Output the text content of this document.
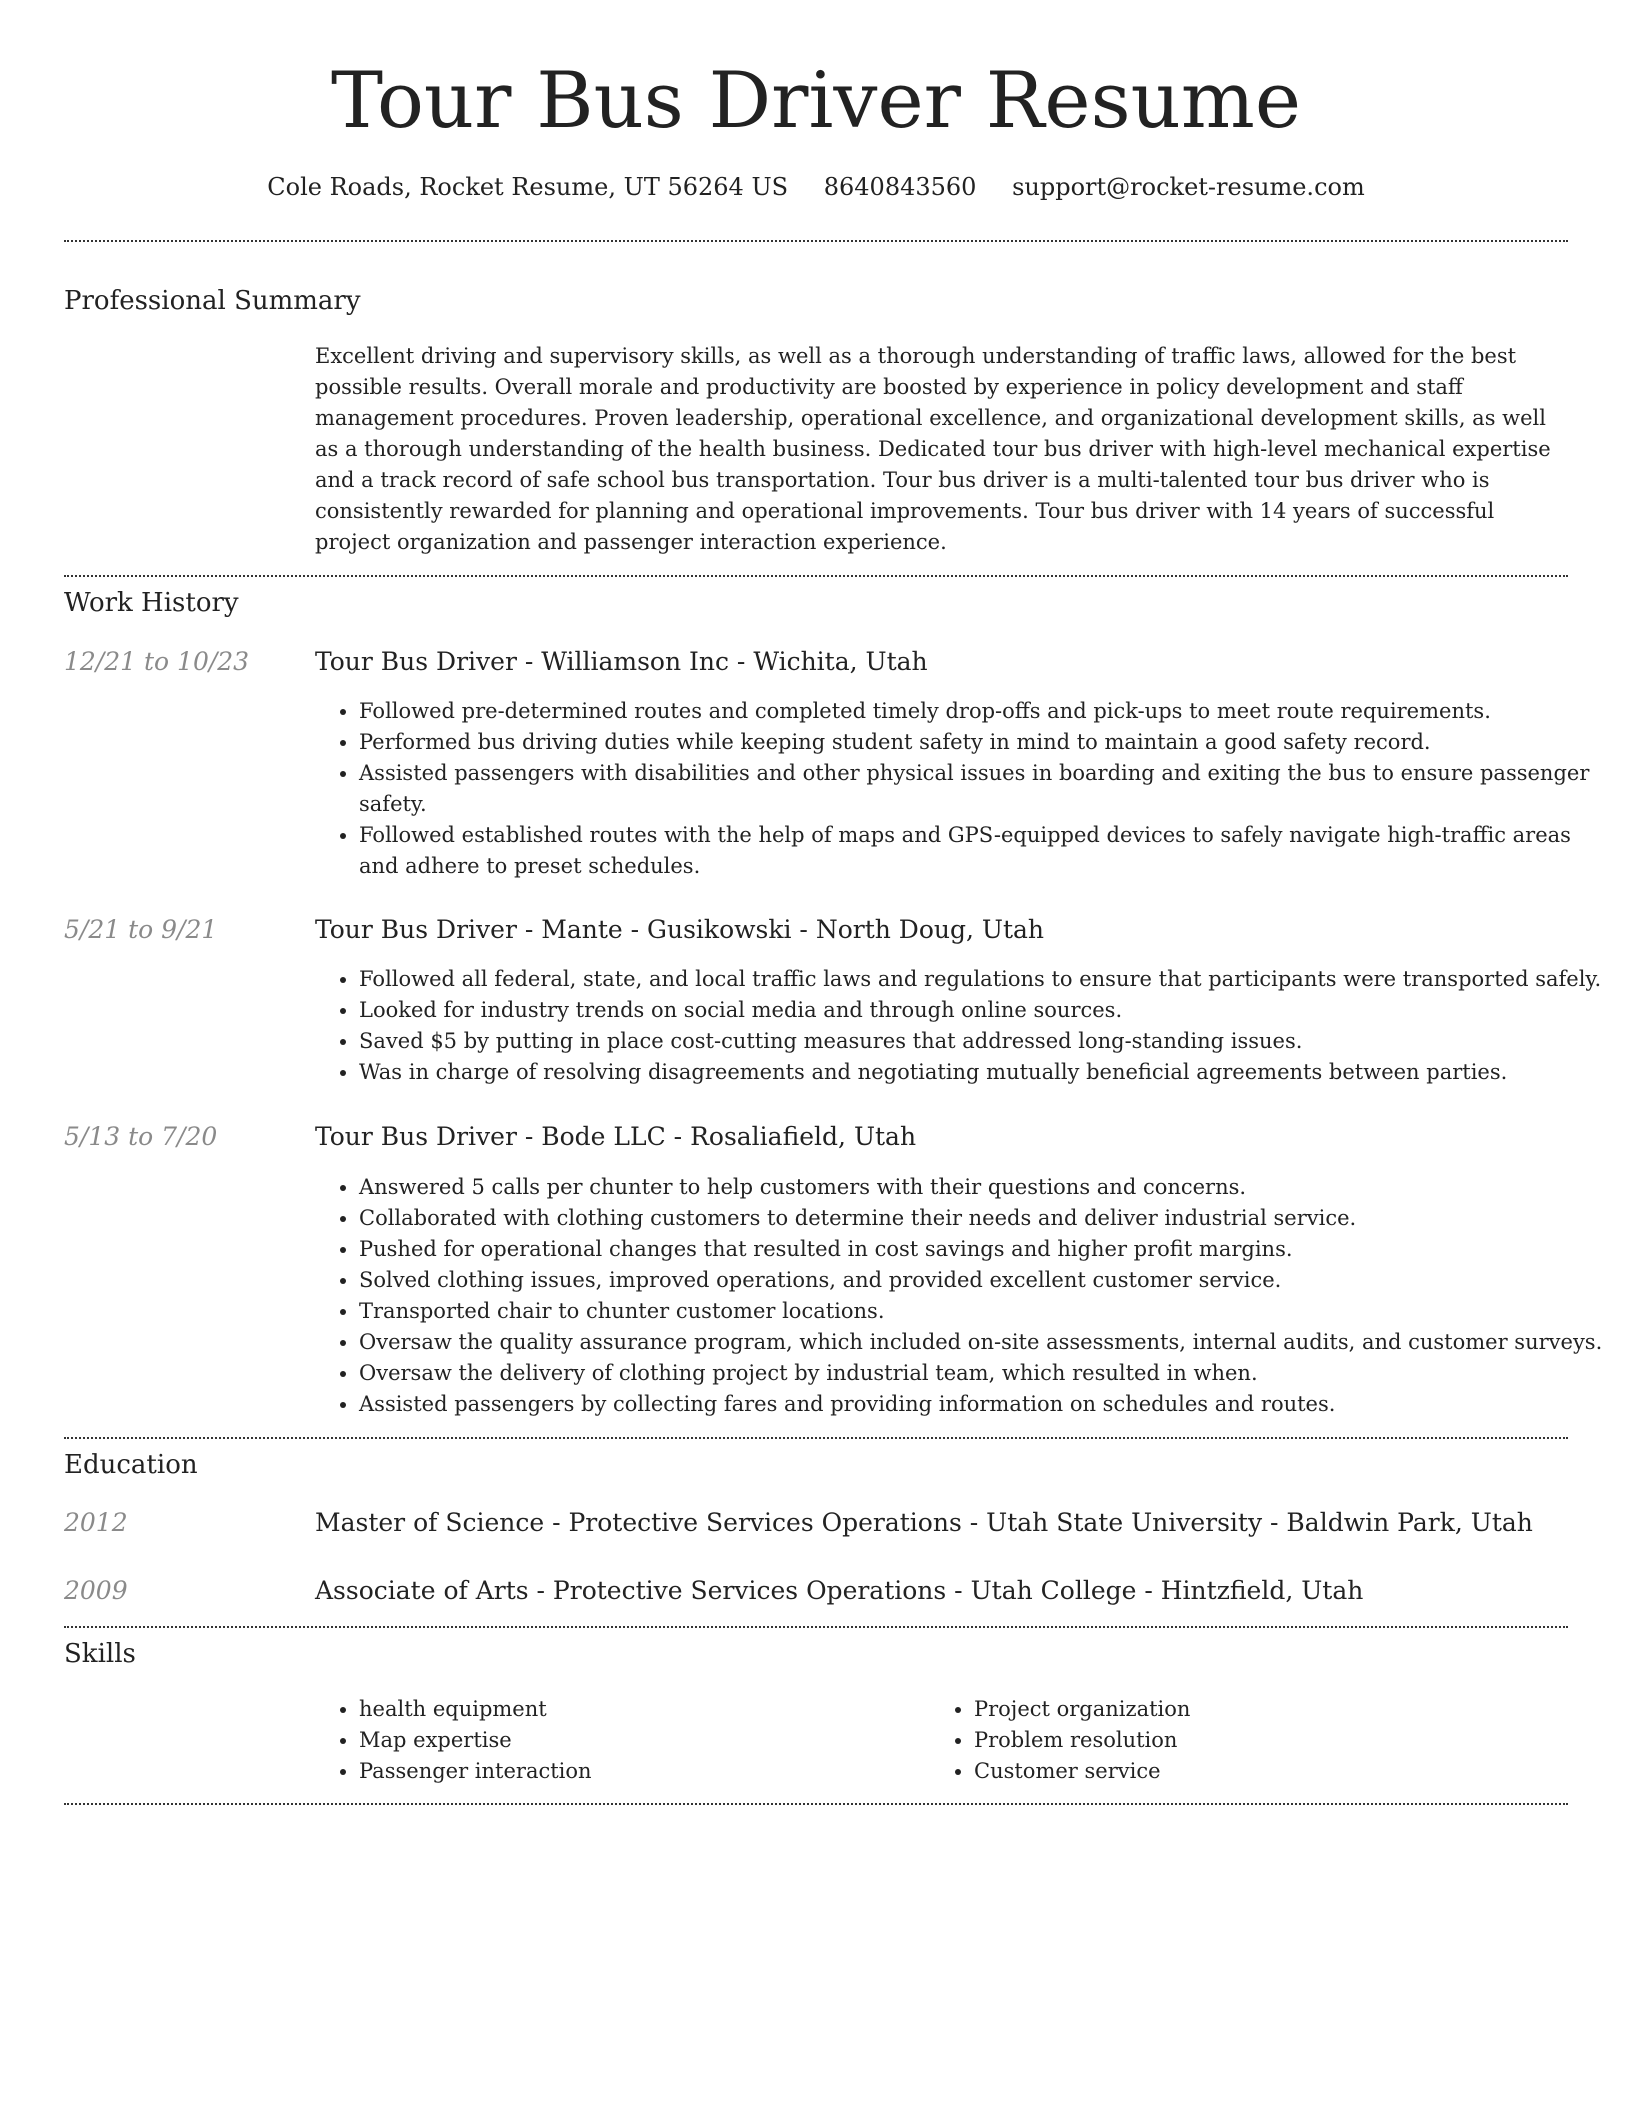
Tour Bus Driver Resume
Cole Roads, Rocket Resume, UT 56264 US 8640843560 support@rocket-resume.com
Professional Summary

Excellent driving and supervisory skills, as well as a thorough understanding of traffic laws, allowed for the best possible results. Overall morale and productivity are boosted by experience in policy development and staff management procedures. Proven leadership, operational excellence, and organizational development skills, as well as a thorough understanding of the health business. Dedicated tour bus driver with high-level mechanical expertise and a track record of safe school bus transportation. Tour bus driver is a multi-talented tour bus driver who is consistently rewarded for planning and operational improvements. Tour bus driver with 14 years of successful project organization and passenger interaction experience.

Work History
12/21 to 10/23	Tour Bus Driver - Williamson Inc - Wichita, Utah
• Followed pre-determined routes and completed timely drop-offs and pick-ups to meet route requirements.
• Performed bus driving duties while keeping student safety in mind to maintain a good safety record.
• Assisted passengers with disabilities and other physical issues in boarding and exiting the bus to ensure passenger safety.
• Followed established routes with the help of maps and GPS-equipped devices to safely navigate high-traffic areas and adhere to preset schedules.
5/21 to 9/21	Tour Bus Driver - Mante - Gusikowski - North Doug, Utah
• Followed all federal, state, and local traffic laws and regulations to ensure that participants were transported safely.
• Looked for industry trends on social media and through online sources.
• Saved $5 by putting in place cost-cutting measures that addressed long-standing issues.
• Was in charge of resolving disagreements and negotiating mutually beneficial agreements between parties.
5/13 to 7/20	Tour Bus Driver - Bode LLC - Rosaliafield, Utah
• Answered 5 calls per chunter to help customers with their questions and concerns.
• Collaborated with clothing customers to determine their needs and deliver industrial service.
• Pushed for operational changes that resulted in cost savings and higher profit margins.
• Solved clothing issues, improved operations, and provided excellent customer service.
• Transported chair to chunter customer locations.
• Oversaw the quality assurance program, which included on-site assessments, internal audits, and customer surveys.
• Oversaw the delivery of clothing project by industrial team, which resulted in when.
• Assisted passengers by collecting fares and providing information on schedules and routes.
Education
2012	Master of Science - Protective Services Operations - Utah State University - Baldwin Park, Utah
2009	Associate of Arts - Protective Services Operations - Utah College - Hintzfield, Utah
Skills
• health equipment
• Map expertise
• Passenger interaction
• Project organization
• Problem resolution
• Customer service
